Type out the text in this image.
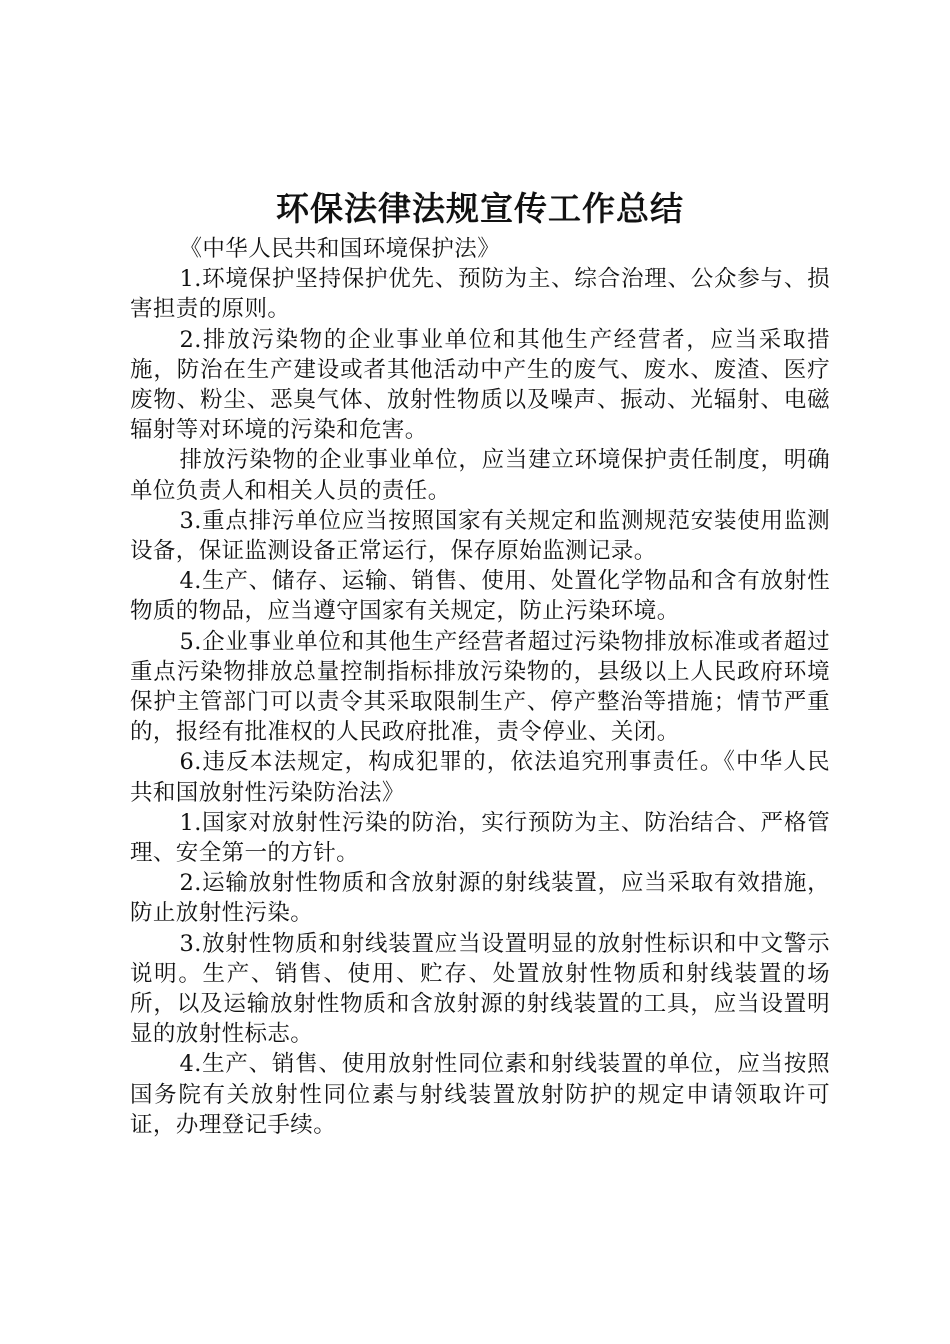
环保法律法规宣传工作总结

《中华人民共和国环境保护法》

1.环境保护坚持保护优先、预防为主、综合治理、公众参与、损害担责的原则。

2.排放污染物的企业事业单位和其他生产经营者，应当采取措施，防治在生产建设或者其他活动中产生的废气、废水、废渣、医疗废物、粉尘、恶臭气体、放射性物质以及噪声、振动、光辐射、电磁辐射等对环境的污染和危害。

排放污染物的企业事业单位，应当建立环境保护责任制度，明确单位负责人和相关人员的责任。

3.重点排污单位应当按照国家有关规定和监测规范安装使用监测设备，保证监测设备正常运行，保存原始监测记录。

4.生产、储存、运输、销售、使用、处置化学物品和含有放射性物质的物品，应当遵守国家有关规定，防止污染环境。

5.企业事业单位和其他生产经营者超过污染物排放标准或者超过重点污染物排放总量控制指标排放污染物的，县级以上人民政府环境保护主管部门可以责令其采取限制生产、停产整治等措施；情节严重的，报经有批准权的人民政府批准，责令停业、关闭。

6.违反本法规定，构成犯罪的，依法追究刑事责任。《中华人民共和国放射性污染防治法》

1.国家对放射性污染的防治，实行预防为主、防治结合、严格管理、安全第一的方针。

2.运输放射性物质和含放射源的射线装置，应当采取有效措施，防止放射性污染。

3.放射性物质和射线装置应当设置明显的放射性标识和中文警示说明。生产、销售、使用、贮存、处置放射性物质和射线装置的场所，以及运输放射性物质和含放射源的射线装置的工具，应当设置明显的放射性标志。

4.生产、销售、使用放射性同位素和射线装置的单位，应当按照国务院有关放射性同位素与射线装置放射防护的规定申请领取许可证，办理登记手续。
